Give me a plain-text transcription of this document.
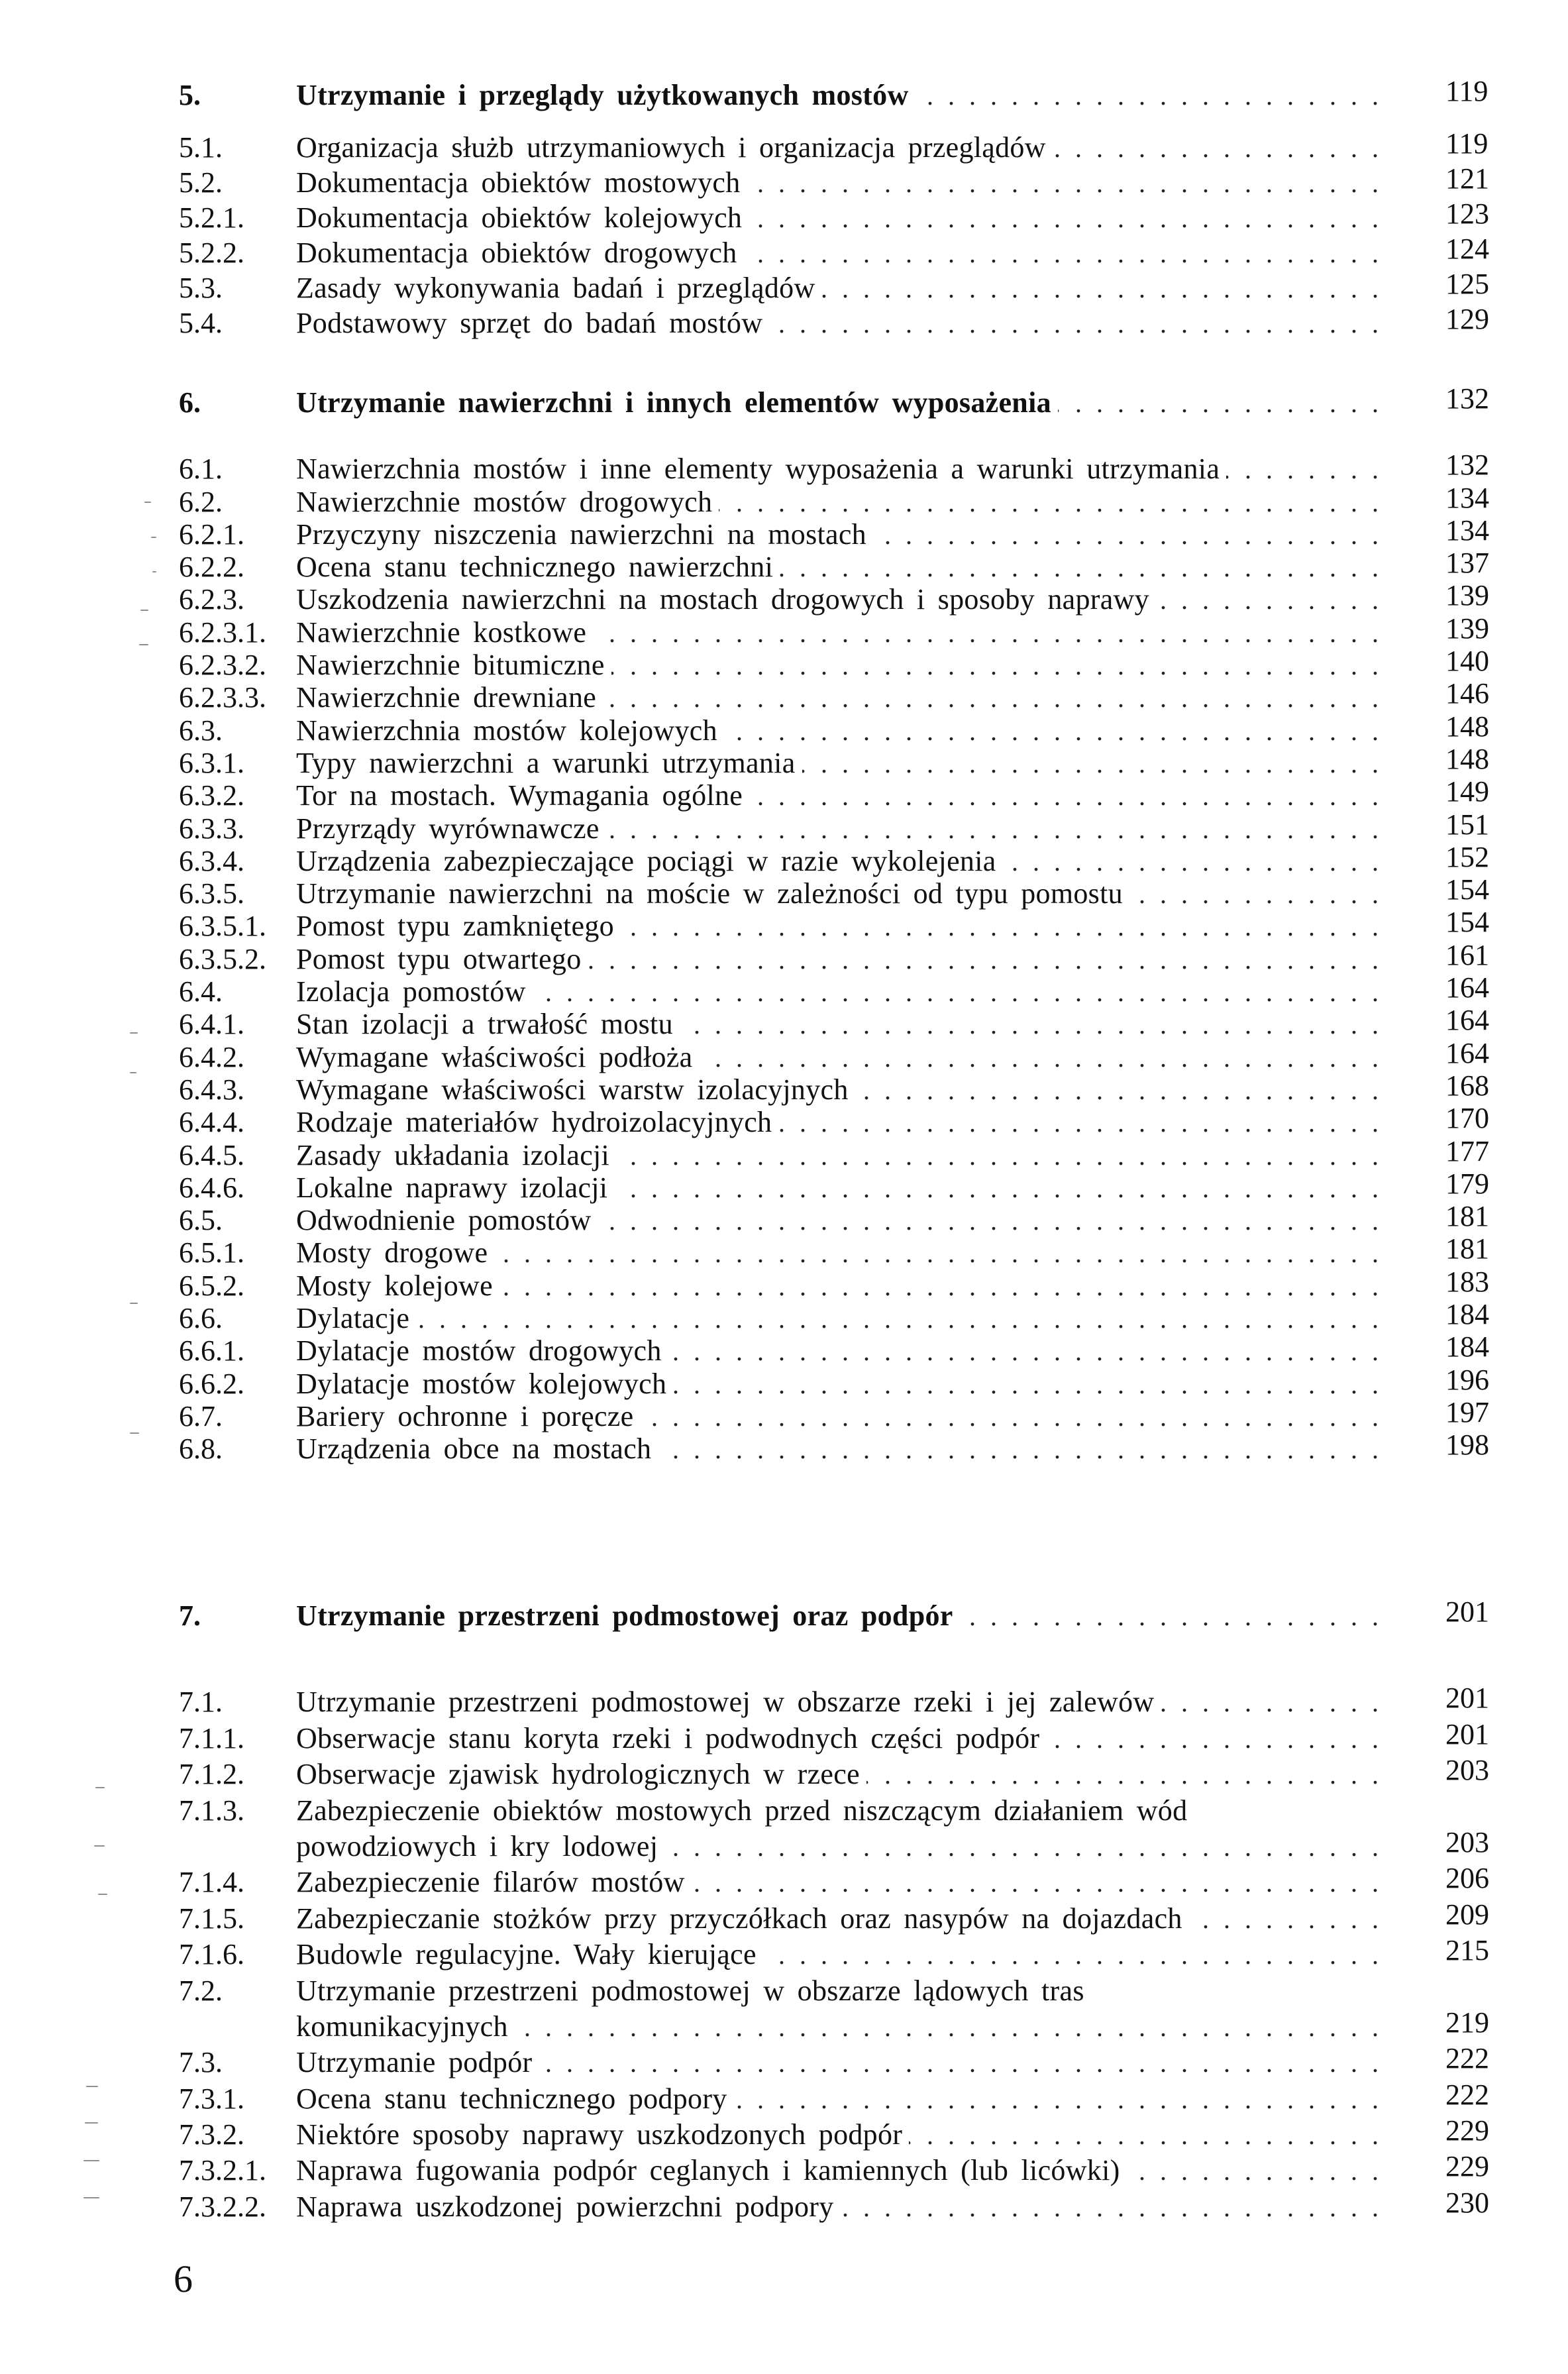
5.	Utrzymanie i przeglądy użytkowanych mostów . . .	119
5.1.	Organizacja służb utrzymaniowych i organizacja przeglądów . . .	119
5.2.	Dokumentacja obiektów mostowych . . .	121
5.2.1. Dokumentacja obiektów kolejowych . . .	123
5.2.2. Dokumentacja obiektów drogowych . . .	124
5.3.	Zasady wykonywania badań i przeglądów . . .	125
5.4.	Podstawowy sprzęt do badań mostów . . .	129
6.	Utrzymanie nawierzchni i innych elementów wyposażenia . . .	132
6.1.	Nawierzchnia mostów i inne elementy wyposażenia a warunki utrzymania . . .	132
6.2.	Nawierzchnie mostów drogowych . . .	134
6.2.1. Przyczyny niszczenia nawierzchni na mostach . . .	134
6.2.2. Ocena stanu technicznego nawierzchni . . .	137
6.2.3. Uszkodzenia nawierzchni na mostach drogowych i sposoby naprawy . . .	139
6.2.3.1. Nawierzchnie kostkowe . . .	139
6.2.3.2. Nawierzchnie bitumiczne . . .	140
6.2.3.3. Nawierzchnie drewniane . . .	146
6.3.	Nawierzchnia mostów kolejowych . . .	148
6.3.1. Typy nawierzchni a warunki utrzymania . . .	148
6.3.2. Tor na mostach. Wymagania ogólne . . .	149
6.3.3. Przyrządy wyrównawcze . . .	151
6.3.4. Urządzenia zabezpieczające pociągi w razie wykolejenia . . .	152
6.3.5. Utrzymanie nawierzchni na moście w zależności od typu pomostu . . .	154
6.3.5.1. Pomost typu zamkniętego . . .	154
6.3.5.2. Pomost typu otwartego . . .	161
6.4.	Izolacja pomostów . . .	164
6.4.1. Stan izolacji a trwałość mostu . . .	164
6.4.2. Wymagane właściwości podłoża . . .	164
6.4.3. Wymagane właściwości warstw izolacyjnych . . .	168
6.4.4. Rodzaje materiałów hydroizolacyjnych . . .	170
6.4.5. Zasady układania izolacji . . .	177
6.4.6. Lokalne naprawy izolacji . . .	179
6.5.	Odwodnienie pomostów . . .	181
6.5.1. Mosty drogowe . . .	181
6.5.2. Mosty kolejowe . . .	183
6.6.	Dylatacje . . .	184
6.6.1. Dylatacje mostów drogowych . . .	184
6.6.2. Dylatacje mostów kolejowych . . .	196
6.7.	Bariery ochronne i poręcze . . .	197
6.8.	Urządzenia obce na mostach . . .	198
7.	Utrzymanie przestrzeni podmostowej oraz podpór . . .	201
7.1.	Utrzymanie przestrzeni podmostowej w obszarze rzeki i jej zalewów . . .	201
7.1.1. Obserwacje stanu koryta rzeki i podwodnych części podpór . . .	201
7.1.2. Obserwacje zjawisk hydrologicznych w rzece . . .	203
7.1.3. Zabezpieczenie obiektów mostowych przed niszczącym działaniem wód
powodziowych i kry lodowej . . .	203
7.1.4. Zabezpieczenie filarów mostów . . .	206
7.1.5. Zabezpieczanie stożków przy przyczółkach oraz nasypów na dojazdach . . .	209
7.1.6. Budowle regulacyjne. Wały kierujące . . .	215
7.2.	Utrzymanie przestrzeni podmostowej w obszarze lądowych tras
komunikacyjnych . . .	219
7.3.	Utrzymanie podpór . . .	222
7.3.1. Ocena stanu technicznego podpory . . .	222
7.3.2. Niektóre sposoby naprawy uszkodzonych podpór . . .	229
7.3.2.1. Naprawa fugowania podpór ceglanych i kamiennych (lub licówki) . . .	229
7.3.2.2. Naprawa uszkodzonej powierzchni podpory . . .	230
6
